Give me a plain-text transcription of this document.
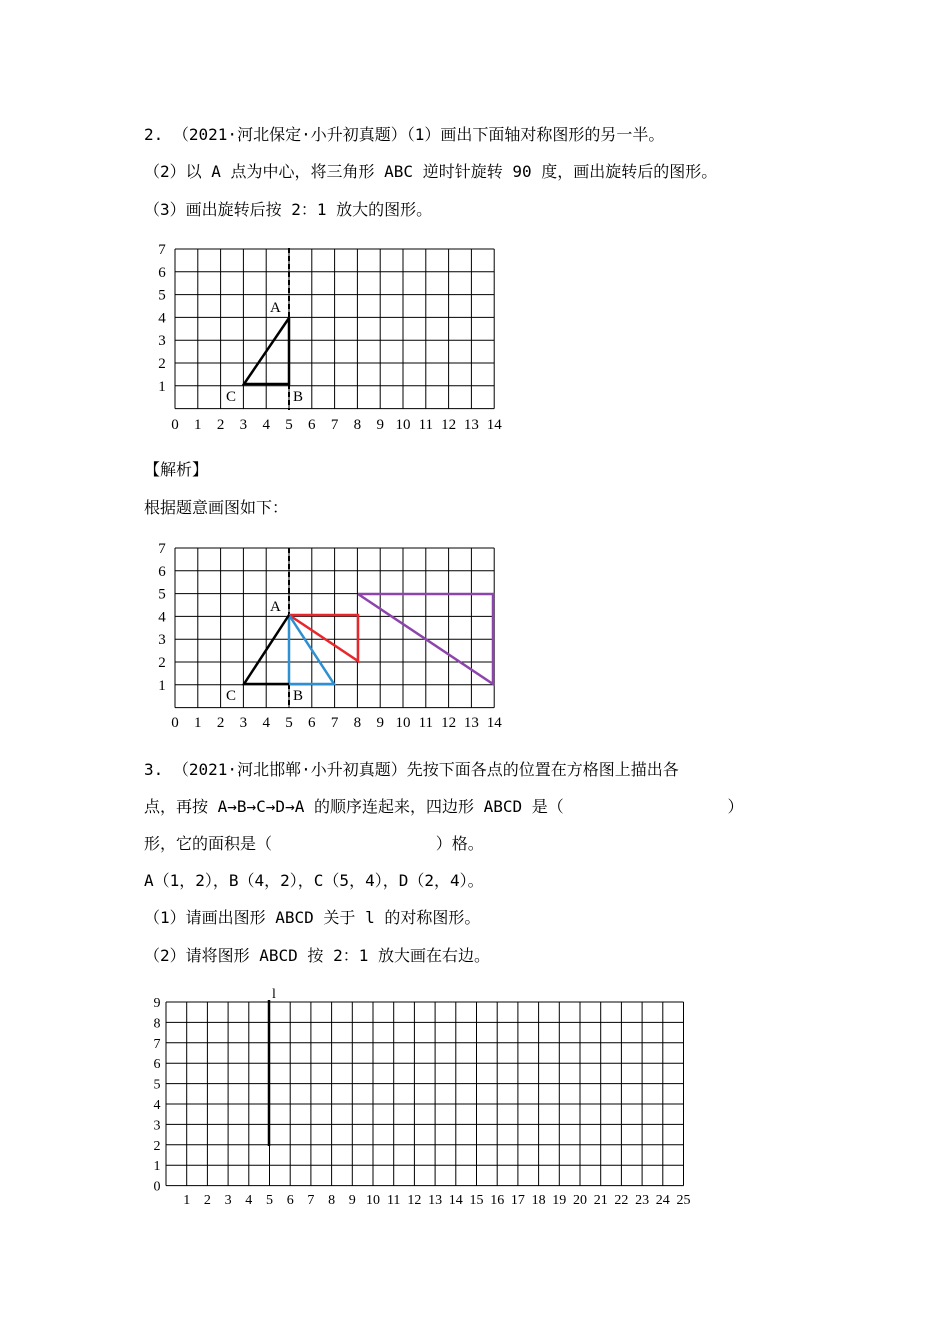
2. （2021·河北保定·小升初真题）（1）画出下面轴对称图形的另一半。
（2）以 A 点为中心，将三角形 ABC 逆时针旋转 90 度，画出旋转后的图形。
（3）画出旋转后按 2：1 放大的图形。
A
B
C
0 1 2 3 4 5 6 7 8 9 10 11 12 13 14
1
2
3
4
5
6
7
【解析】
根据题意画图如下：
A
B
C
0 1 2 3 4 5 6 7 8 9 10 11 12 13 14
1
2
3
4
5
6
7
3. （2021·河北邯郸·小升初真题）先按下面各点的位置在方格图上描出各
点，再按 A→B→C→D→A 的顺序连起来，四边形 ABCD 是（                 ）
形，它的面积是（                 ）格。
A（1，2），B（4，2），C（5，4），D（2，4）。
（1）请画出图形 ABCD 关于 l 的对称图形。
（2）请将图形 ABCD 按 2：1 放大画在右边。
l
1 2 3 4 5 6 7 8 9 10 11 12 13 14 15 16 17 18 19 20 21 22 23 24 25
0
1
2
3
4
5
6
7
8
9
